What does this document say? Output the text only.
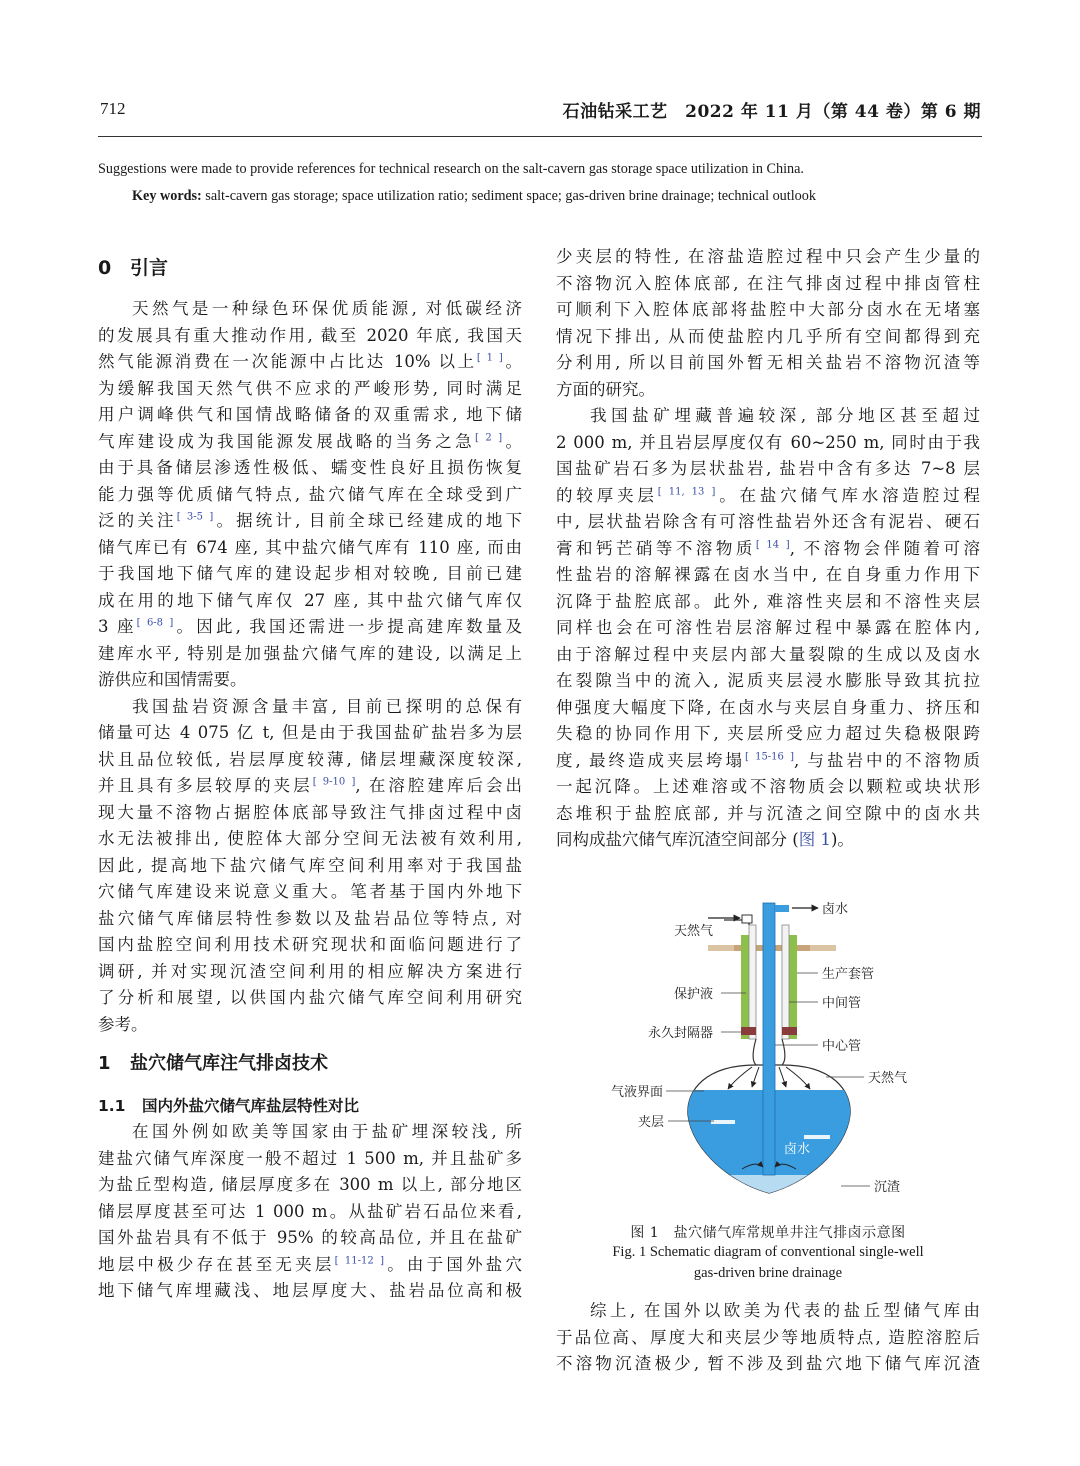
712	石油钻采工艺　2022 年 11 月（第 44 卷）第 6 期
Suggestions were made to provide references for technical research on the salt-cavern gas storage space utilization in China.
Key words: salt-cavern gas storage; space utilization ratio; sediment space; gas-driven brine drainage; technical outlook
0 引言
天然气是一种绿色环保优质能源, 对低碳经济
的发展具有重大推动作用, 截至 2020 年底, 我国天
然气能源消费在一次能源中占比达 10% 以上[ 1 ]。
为缓解我国天然气供不应求的严峻形势, 同时满足
用户调峰供气和国情战略储备的双重需求, 地下储
气库建设成为我国能源发展战略的当务之急[ 2 ]。
由于具备储层渗透性极低、蠕变性良好且损伤恢复
能力强等优质储气特点, 盐穴储气库在全球受到广
泛的关注[ 3-5 ]。据统计, 目前全球已经建成的地下
储气库已有 674 座, 其中盐穴储气库有 110 座, 而由
于我国地下储气库的建设起步相对较晚, 目前已建
成在用的地下储气库仅 27 座, 其中盐穴储气库仅
3 座[ 6-8 ]。因此, 我国还需进一步提高建库数量及
建库水平, 特别是加强盐穴储气库的建设, 以满足上
游供应和国情需要。
我国盐岩资源含量丰富, 目前已探明的总保有
储量可达 4 075 亿 t, 但是由于我国盐矿盐岩多为层
状且品位较低, 岩层厚度较薄, 储层埋藏深度较深,
并且具有多层较厚的夹层[ 9-10 ], 在溶腔建库后会出
现大量不溶物占据腔体底部导致注气排卤过程中卤
水无法被排出, 使腔体大部分空间无法被有效利用,
因此, 提高地下盐穴储气库空间利用率对于我国盐
穴储气库建设来说意义重大。笔者基于国内外地下
盐穴储气库储层特性参数以及盐岩品位等特点, 对
国内盐腔空间利用技术研究现状和面临问题进行了
调研, 并对实现沉渣空间利用的相应解决方案进行
了分析和展望, 以供国内盐穴储气库空间利用研究
参考。
1 盐穴储气库注气排卤技术
1.1 国内外盐穴储气库盐层特性对比
在国外例如欧美等国家由于盐矿埋深较浅, 所
建盐穴储气库深度一般不超过 1 500 m, 并且盐矿多
为盐丘型构造, 储层厚度多在 300 m 以上, 部分地区
储层厚度甚至可达 1 000 m。从盐矿岩石品位来看,
国外盐岩具有不低于 95% 的较高品位, 并且在盐矿
地层中极少存在甚至无夹层[ 11-12 ]。由于国外盐穴
地下储气库埋藏浅、地层厚度大、盐岩品位高和极
少夹层的特性, 在溶盐造腔过程中只会产生少量的
不溶物沉入腔体底部, 在注气排卤过程中排卤管柱
可顺利下入腔体底部将盐腔中大部分卤水在无堵塞
情况下排出, 从而使盐腔内几乎所有空间都得到充
分利用, 所以目前国外暂无相关盐岩不溶物沉渣等
方面的研究。
我国盐矿埋藏普遍较深, 部分地区甚至超过
2 000 m, 并且岩层厚度仅有 60~250 m, 同时由于我
国盐矿岩石多为层状盐岩, 盐岩中含有多达 7~8 层
的较厚夹层[ 11, 13 ]。在盐穴储气库水溶造腔过程
中, 层状盐岩除含有可溶性盐岩外还含有泥岩、硬石
膏和钙芒硝等不溶物质[ 14 ], 不溶物会伴随着可溶
性盐岩的溶解裸露在卤水当中, 在自身重力作用下
沉降于盐腔底部。此外, 难溶性夹层和不溶性夹层
同样也会在可溶性岩层溶解过程中暴露在腔体内,
由于溶解过程中夹层内部大量裂隙的生成以及卤水
在裂隙当中的流入, 泥质夹层浸水膨胀导致其抗拉
伸强度大幅度下降, 在卤水与夹层自身重力、挤压和
失稳的协同作用下, 夹层所受应力超过失稳极限跨
度, 最终造成夹层垮塌[ 15-16 ], 与盐岩中的不溶物质
一起沉降。上述难溶或不溶物质会以颗粒或块状形
态堆积于盐腔底部, 并与沉渣之间空隙中的卤水共
同构成盐穴储气库沉渣空间部分 (图 1)。
天然气
卤水
生产套管
保护液
中间管
永久封隔器
中心管
天然气
气液界面
夹层
卤水
沉渣
图 1　盐穴储气库常规单井注气排卤示意图
Fig. 1 Schematic diagram of conventional single-well
gas-driven brine drainage
综上, 在国外以欧美为代表的盐丘型储气库由
于品位高、厚度大和夹层少等地质特点, 造腔溶腔后
不溶物沉渣极少, 暂不涉及到盐穴地下储气库沉渣
